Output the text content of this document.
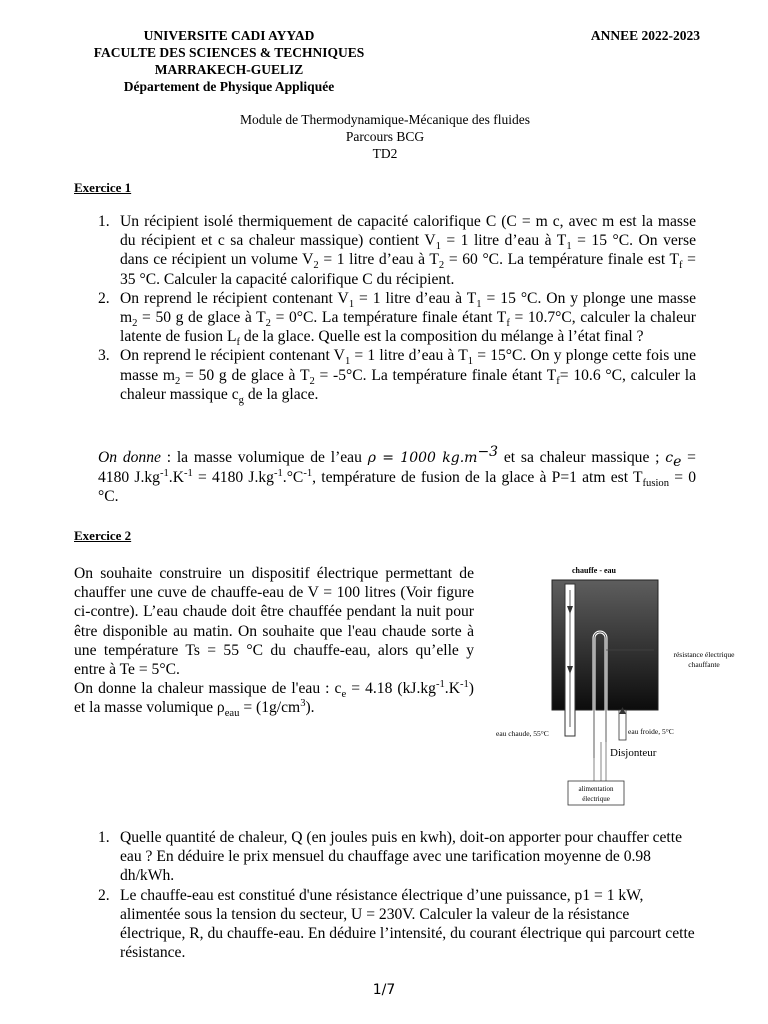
UNIVERSITE CADI AYYAD
FACULTE DES SCIENCES & TECHNIQUES
MARRAKECH-GUELIZ
Département de Physique Appliquée
ANNEE 2022-2023
Module de Thermodynamique-Mécanique des fluides
Parcours BCG
TD2
Exercice 1
1. Un récipient isolé thermiquement de capacité calorifique C (C = m c, avec m est la masse du récipient et c sa chaleur massique) contient $V_1 = 1$ litre d’eau à $T_1 = 15$ °C. On verse dans ce récipient un volume $V_2 = 1$ litre d’eau à $T_2 = 60$ °C. La température finale est $T_f = 35$ °C. Calculer la capacité calorifique C du récipient.
2. On reprend le récipient contenant $V_1 = 1$ litre d’eau à $T_1 = 15$ °C. On y plonge une masse $m_2 = 50$ g de glace à $T_2 = 0^\circ C$. La température finale étant $T_f = 10.7^\circ C$, calculer la chaleur latente de fusion $L_f$ de la glace. Quelle est la composition du mélange à l’état final ?
3. On reprend le récipient contenant $V_1 = 1$ litre d’eau à $T_1 = 15^\circ C$. On y plonge cette fois une masse $m_2 = 50$ g de glace à $T_2 = -5^\circ C$. La température finale étant $T_f= 10.6$ °C, calculer la chaleur massique $c_g$ de la glace.
On donne : la masse volumique de l’eau ρ = 1000 $kg.m^{-3}$ et sa chaleur massique ; $c_e = 4180$ $J.kg^{-1}.K^{-1} = 4180$ $J.kg^{-1}.^\circ C^{-1}$, température de fusion de la glace à P=1 atm est $T_{fusion} = 0$ °C.
Exercice 2
On souhaite construire un dispositif électrique permettant de chauffer une cuve de chauffe-eau de V = 100 litres (Voir figure ci-contre). L’eau chaude doit être chauffée pendant la nuit pour être disponible au matin. On souhaite que l'eau chaude sorte à une température Ts = 55 °C du chauffe-eau, alors qu’elle y entre à Te = 5°C.
On donne la chaleur massique de l'eau : $c_e = 4.18$ $(kJ.kg^{-1}.K^{-1})$ et la masse volumique $\rho_{eau} = (1g/cm^3)$.
chauffe - eau
résistance électrique
chauffante
eau chaude, 55°C	eau froide, 5°C
Disjonteur
alimentation
électrique
1. Quelle quantité de chaleur, Q (en joules puis en kwh), doit-on apporter pour chauffer cette eau ? En déduire le prix mensuel du chauffage avec une tarification moyenne de 0.98 dh/kWh.
2. Le chauffe-eau est constitué d'une résistance électrique d’une puissance, p1 = 1 kW, alimentée sous la tension du secteur, U = 230V. Calculer la valeur de la résistance électrique, R, du chauffe-eau. En déduire l’intensité, du courant électrique qui parcourt cette résistance.
1/7
